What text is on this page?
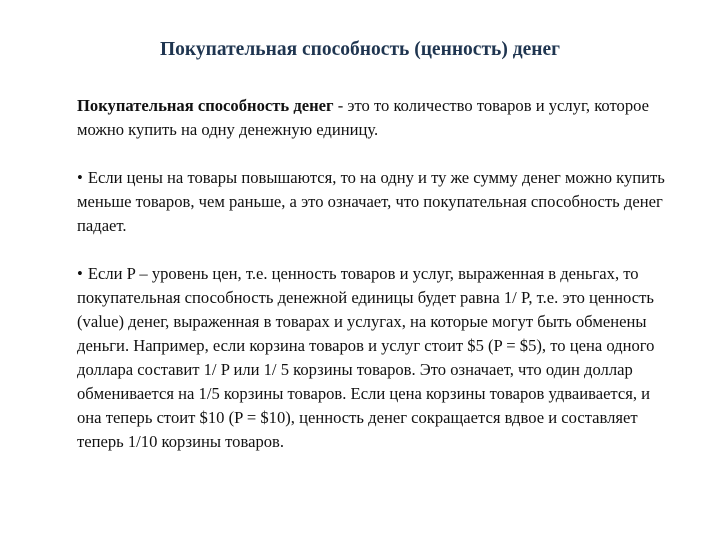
Покупательная способность (ценность) денег
Покупательная способность денег - это то количество товаров и услуг, которое можно купить на одну денежную единицу.
• Если цены на товары повышаются, то на одну и ту же сумму денег можно купить меньше товаров, чем раньше, а это означает, что покупательная способность денег падает.
• Если P – уровень цен, т.е. ценность товаров и услуг, выраженная в деньгах, то покупательная способность денежной единицы будет равна 1/ P, т.е. это ценность (value) денег, выраженная в товарах и услугах, на которые могут быть обменены деньги. Например, если корзина товаров и услуг стоит $5 (P = $5), то цена одного доллара составит 1/ P или 1/ 5 корзины товаров. Это означает, что один доллар обменивается на 1/5 корзины товаров. Если цена корзины товаров удваивается, и она теперь стоит $10 (P = $10), ценность денег сокращается вдвое и составляет теперь 1/10 корзины товаров.
